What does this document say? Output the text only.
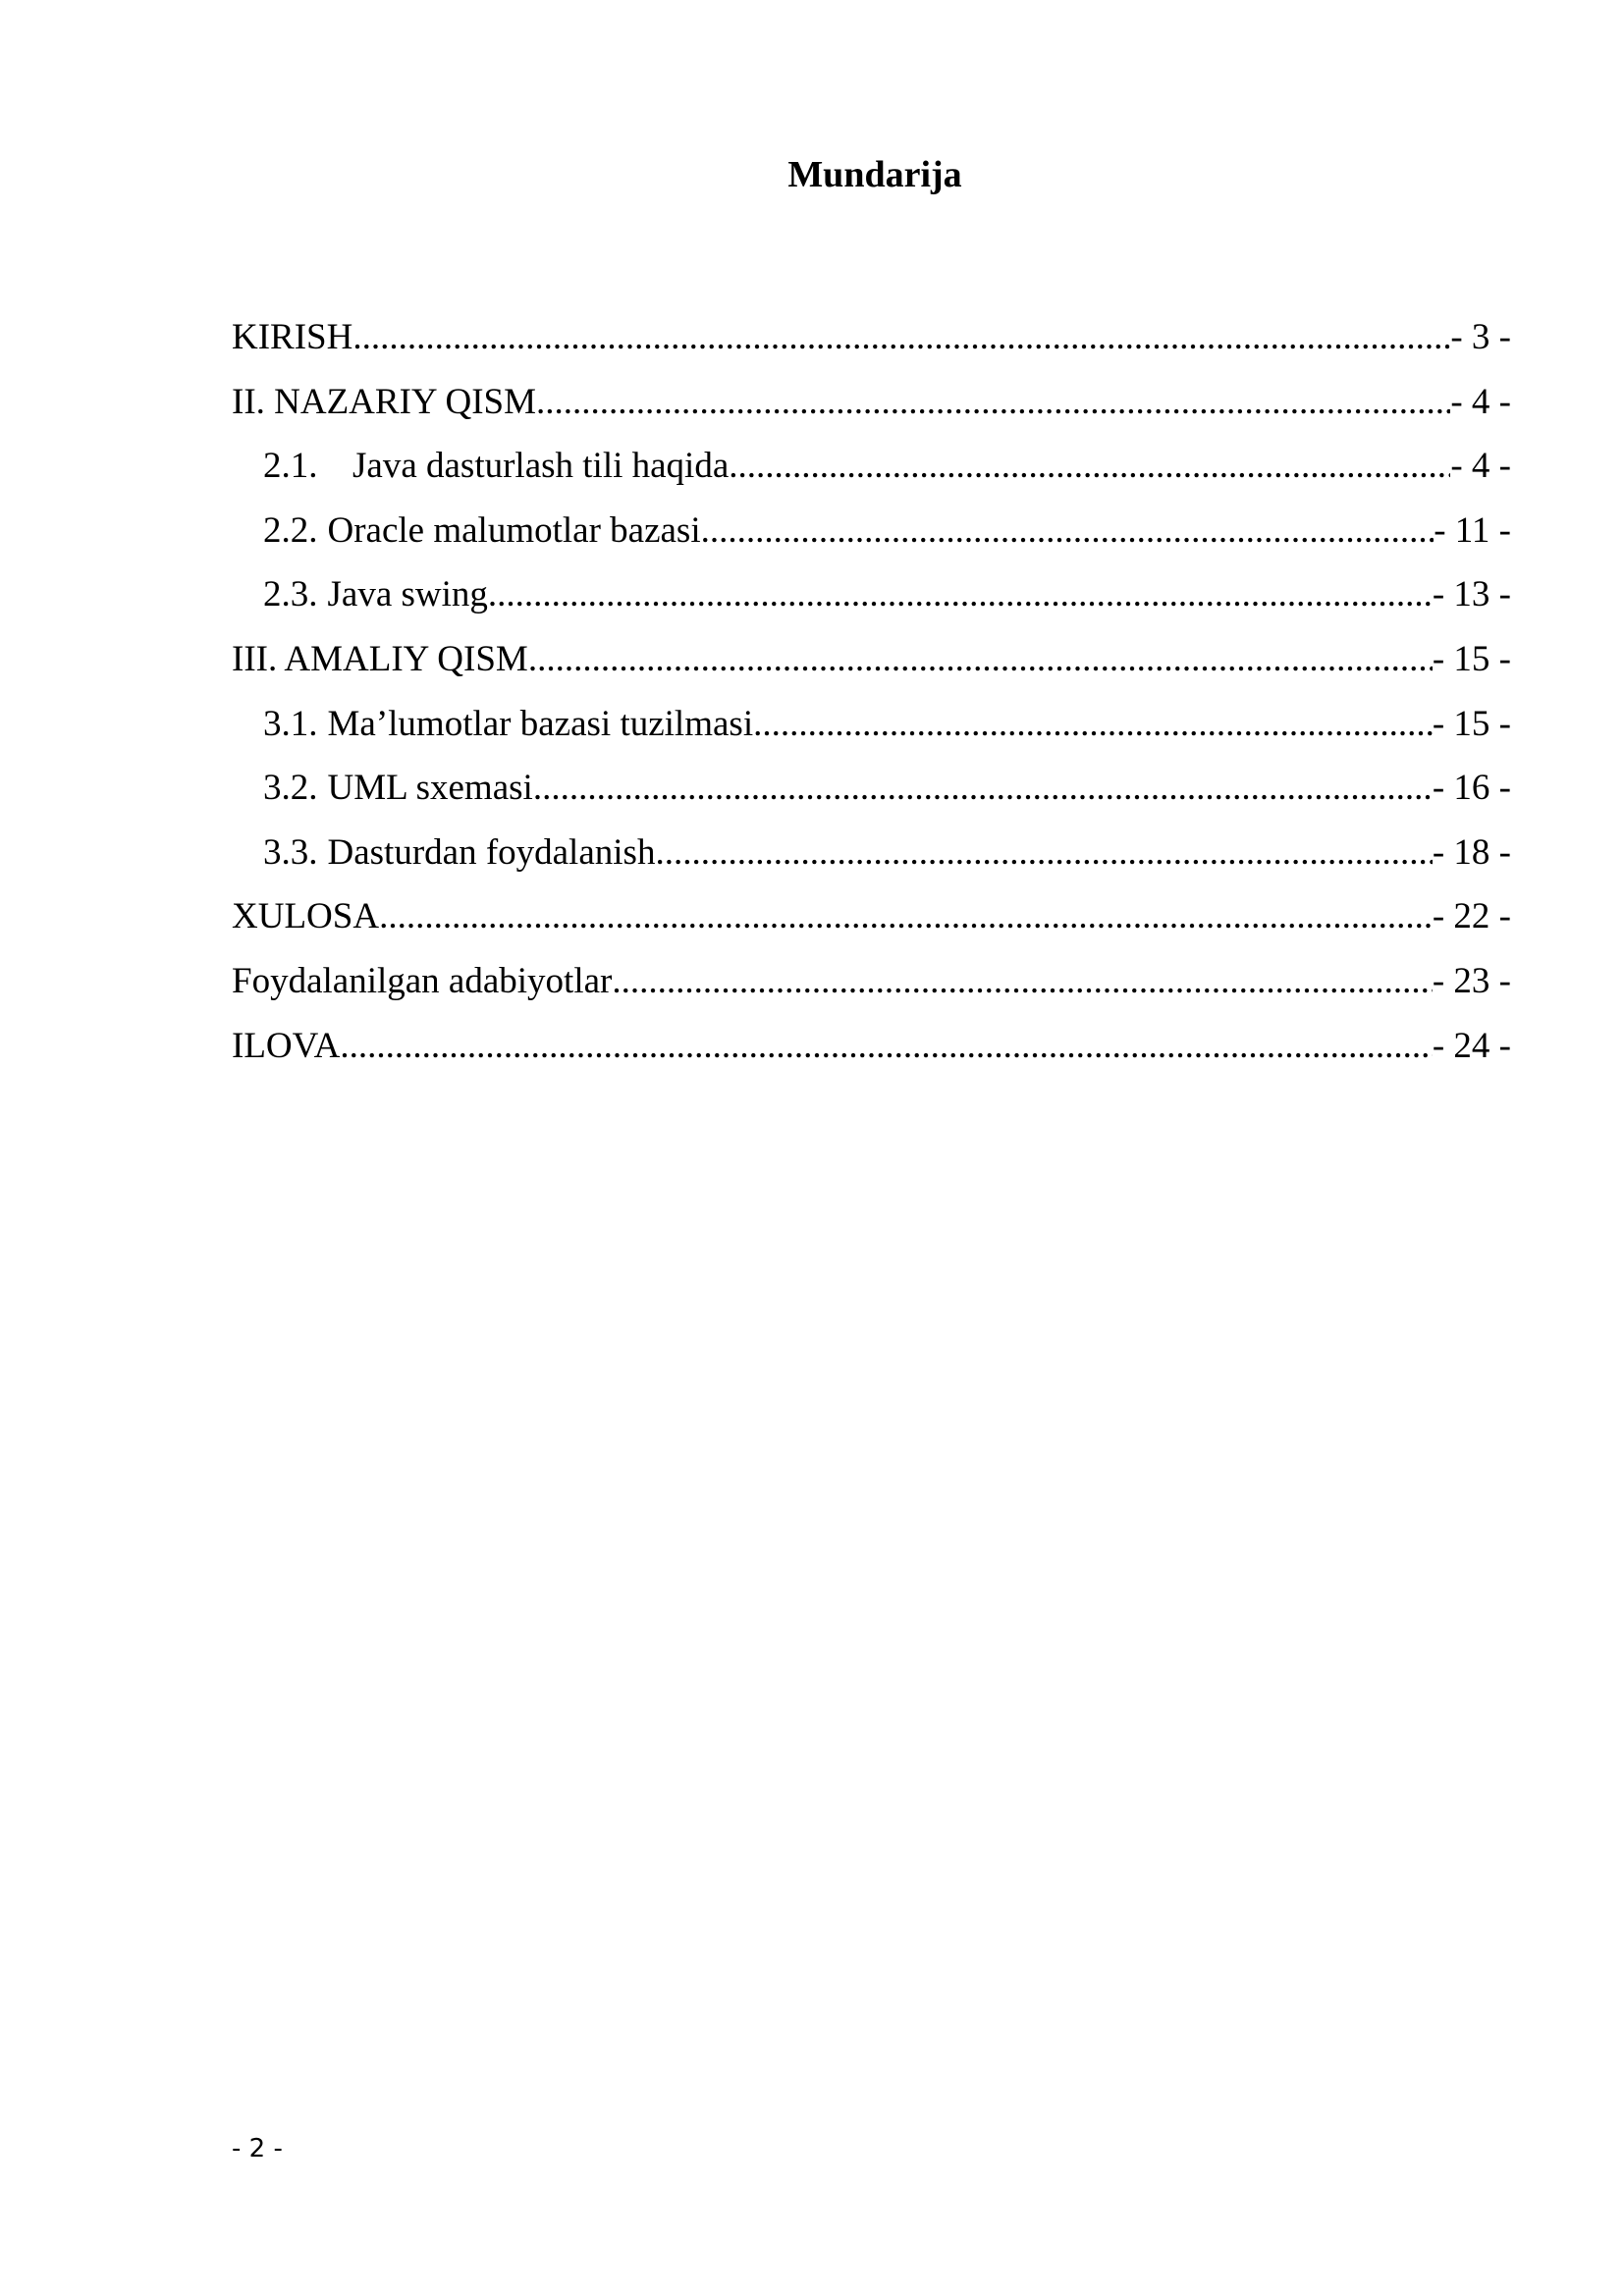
Mundarija
KIRISH .....	- 3 -
II. NAZARIY QISM .....	- 4 -
2.1. Java dasturlash tili haqida .....	- 4 -
2.2. Oracle malumotlar bazasi .....	- 11 -
2.3. Java swing .....	- 13 -
III. AMALIY QISM .....	- 15 -
3.1. Ma’lumotlar bazasi tuzilmasi .....	- 15 -
3.2. UML sxemasi .....	- 16 -
3.3. Dasturdan foydalanish .....	- 18 -
XULOSA .....	- 22 -
Foydalanilgan adabiyotlar .....	- 23 -
ILOVA .....	- 24 -

- 2 -
